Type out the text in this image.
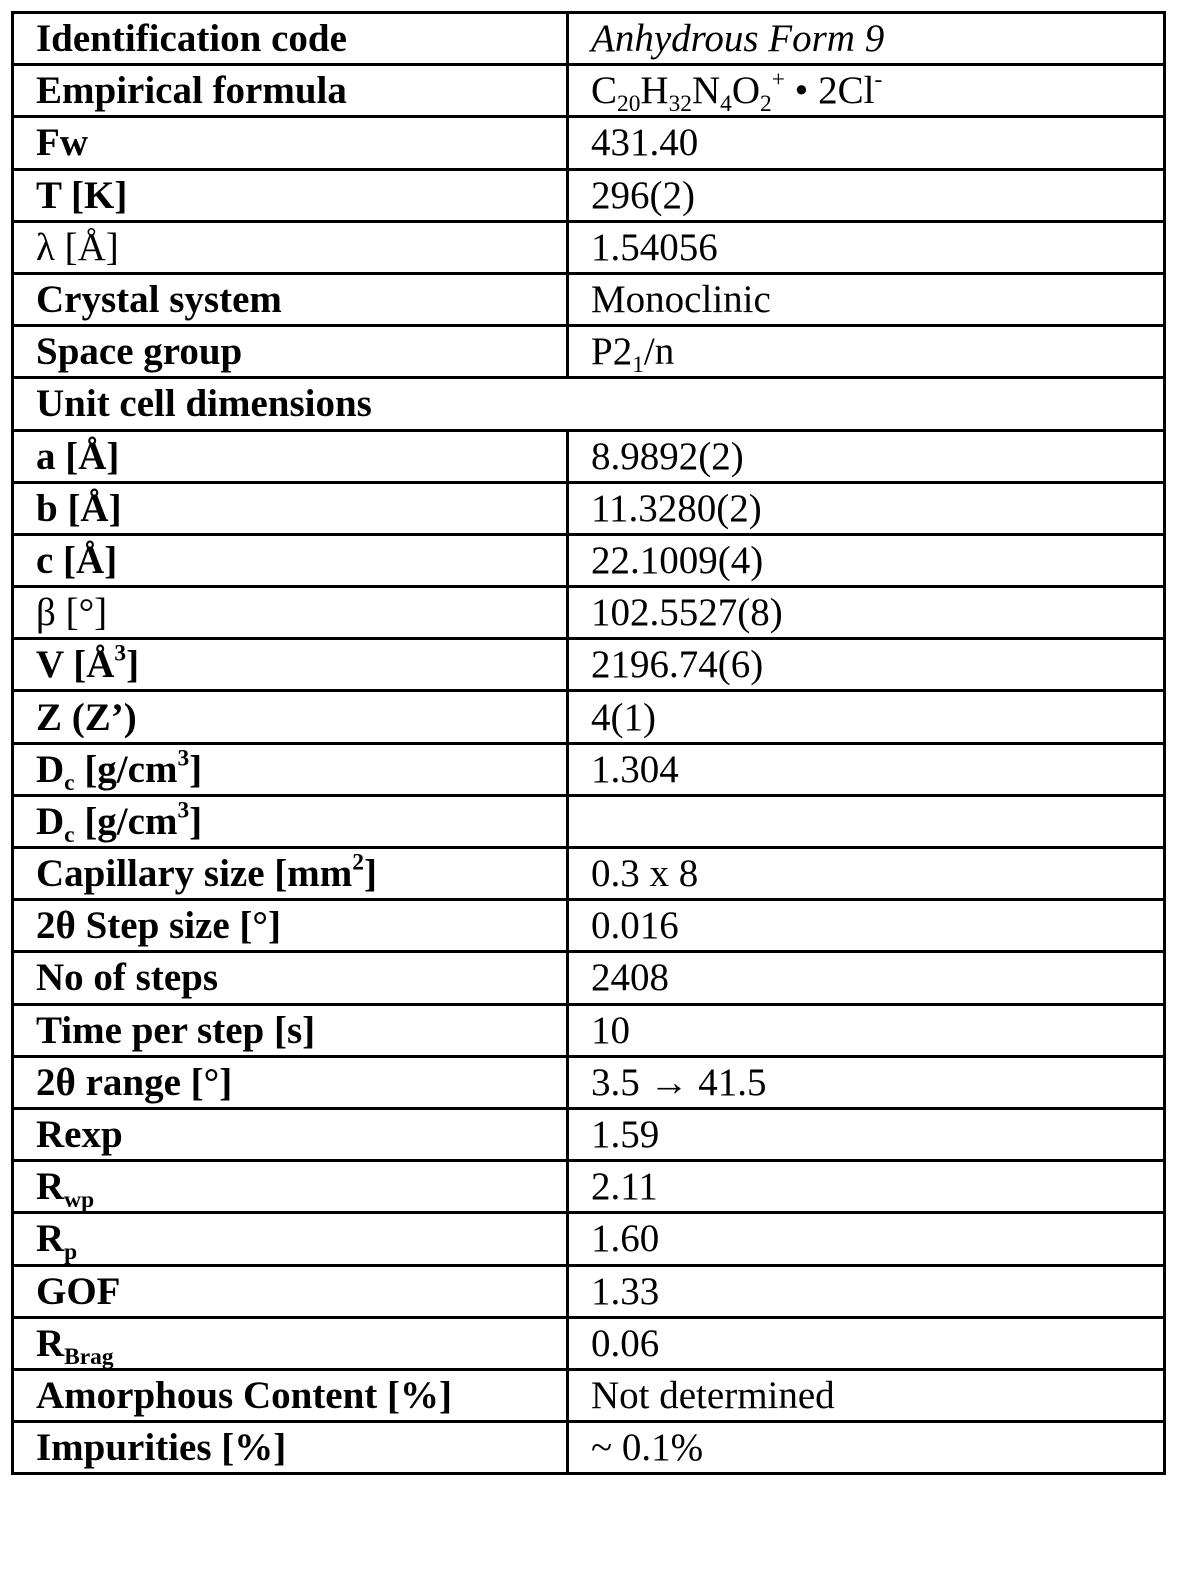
Identification code	Anhydrous Form 9
Empirical formula	C20H32N4O2+ • 2Cl-
Fw	431.40
T [K]	296(2)
λ [Å]	1.54056
Crystal system	Monoclinic
Space group	P21/n
Unit cell dimensions
a [Å]	8.9892(2)
b [Å]	11.3280(2)
c [Å]	22.1009(4)
β [°]	102.5527(8)
V [Å3]	2196.74(6)
Z (Z’)	4(1)
Dc [g/cm3]	1.304
Dc [g/cm3]	
Capillary size [mm2]	0.3 x 8
2θ Step size [°]	0.016
No of steps	2408
Time per step [s]	10
2θ range [°]	3.5 → 41.5
Rexp	1.59
Rwp	2.11
Rp	1.60
GOF	1.33
RBrag	0.06
Amorphous Content [%]	Not determined
Impurities [%]	~ 0.1%
